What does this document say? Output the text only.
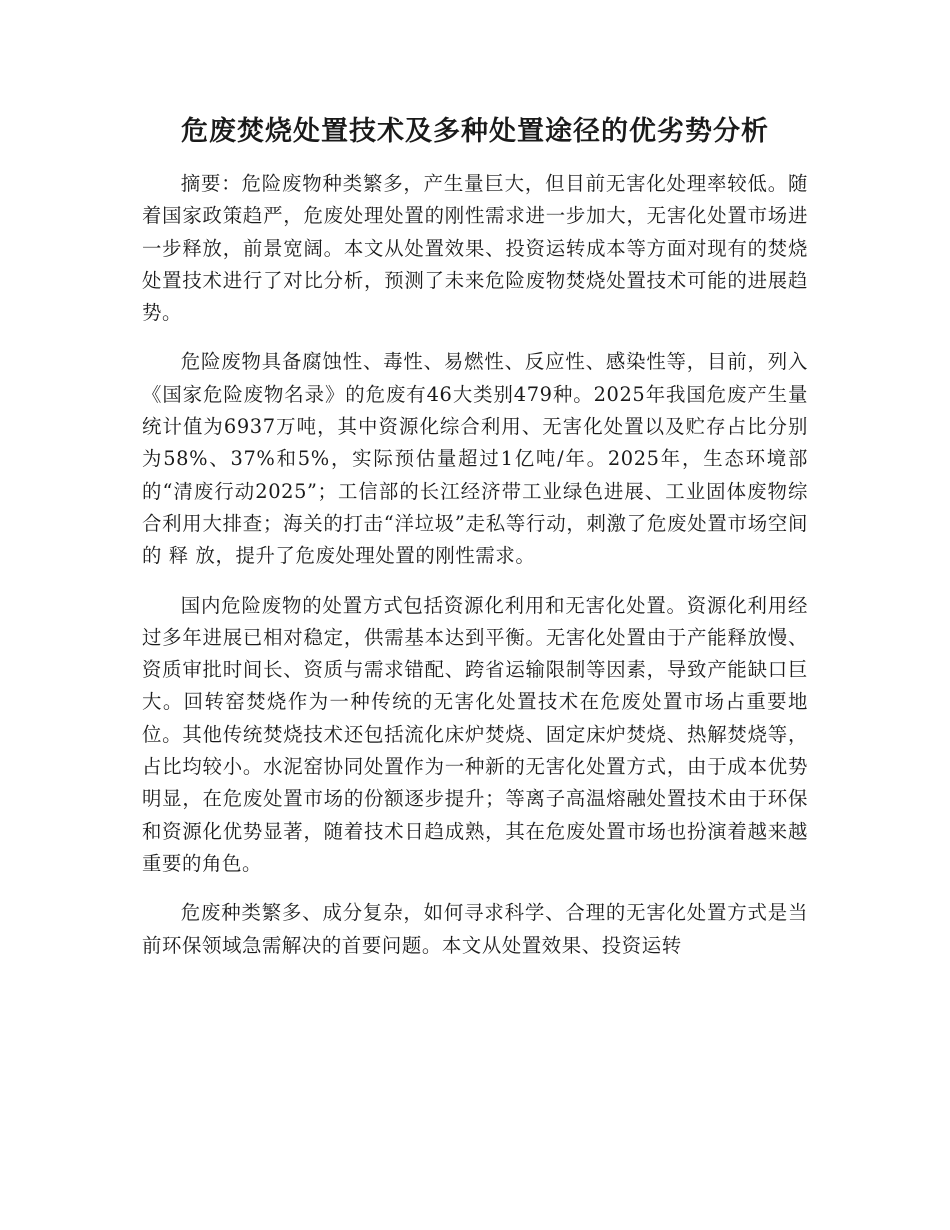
危废焚烧处置技术及多种处置途径的优劣势分析

摘要：危险废物种类繁多，产生量巨大，但目前无害化处理率较低。随着国家政策趋严，危废处理处置的刚性需求进一步加大，无害化处置市场进一步释放，前景宽阔。本文从处置效果、投资运转成本等方面对现有的焚烧处置技术进行了对比分析，预测了未来危险废物焚烧处置技术可能的进展趋势。

危险废物具备腐蚀性、毒性、易燃性、反应性、感染性等，目前，列入《国家危险废物名录》的危废有46大类别479种。2025年我国危废产生量统计值为6937万吨，其中资源化综合利用、无害化处置以及贮存占比分别为58%、37%和5%，实际预估量超过1亿吨/年。2025年，生态环境部的“清废行动2025”；工信部的长江经济带工业绿色进展、工业固体废物综合利用大排查；海关的打击“洋垃圾”走私等行动，刺激了危废处置市场空间 的 释 放，提升了危废处理处置的刚性需求。

国内危险废物的处置方式包括资源化利用和无害化处置。资源化利用经过多年进展已相对稳定，供需基本达到平衡。无害化处置由于产能释放慢、资质审批时间长、资质与需求错配、跨省运输限制等因素，导致产能缺口巨大。回转窑焚烧作为一种传统的无害化处置技术在危废处置市场占重要地位。其他传统焚烧技术还包括流化床炉焚烧、固定床炉焚烧、热解焚烧等，占比均较小。水泥窑协同处置作为一种新的无害化处置方式，由于成本优势明显，在危废处置市场的份额逐步提升；等离子高温熔融处置技术由于环保和资源化优势显著，随着技术日趋成熟，其在危废处置市场也扮演着越来越重要的角色。

危废种类繁多、成分复杂，如何寻求科学、合理的无害化处置方式是当前环保领域急需解决的首要问题。本文从处置效果、投资运转
